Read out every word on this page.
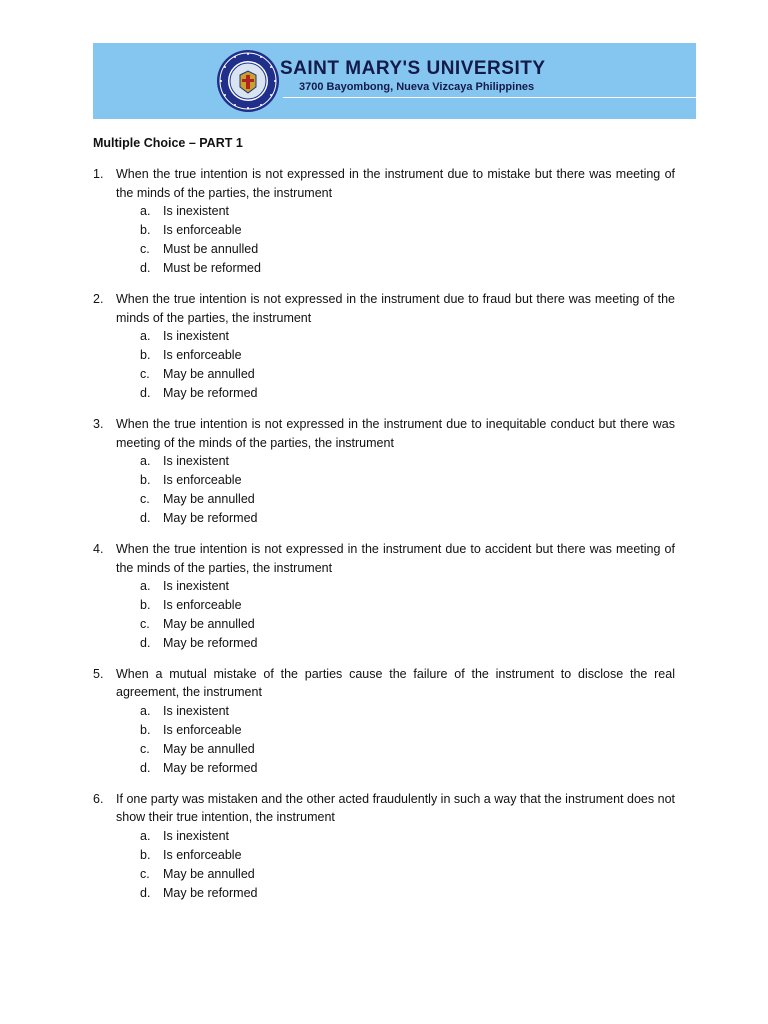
SAINT MARY'S UNIVERSITY
3700 Bayombong, Nueva Vizcaya Philippines
Multiple Choice – PART 1
1. When the true intention is not expressed in the instrument due to mistake but there was meeting of the minds of the parties, the instrument
a. Is inexistent
b. Is enforceable
c. Must be annulled
d. Must be reformed
2. When the true intention is not expressed in the instrument due to fraud but there was meeting of the minds of the parties, the instrument
a. Is inexistent
b. Is enforceable
c. May be annulled
d. May be reformed
3. When the true intention is not expressed in the instrument due to inequitable conduct but there was meeting of the minds of the parties, the instrument
a. Is inexistent
b. Is enforceable
c. May be annulled
d. May be reformed
4. When the true intention is not expressed in the instrument due to accident but there was meeting of the minds of the parties, the instrument
a. Is inexistent
b. Is enforceable
c. May be annulled
d. May be reformed
5. When a mutual mistake of the parties cause the failure of the instrument to disclose the real agreement, the instrument
a. Is inexistent
b. Is enforceable
c. May be annulled
d. May be reformed
6. If one party was mistaken and the other acted fraudulently in such a way that the instrument does not show their true intention, the instrument
a. Is inexistent
b. Is enforceable
c. May be annulled
d. May be reformed
